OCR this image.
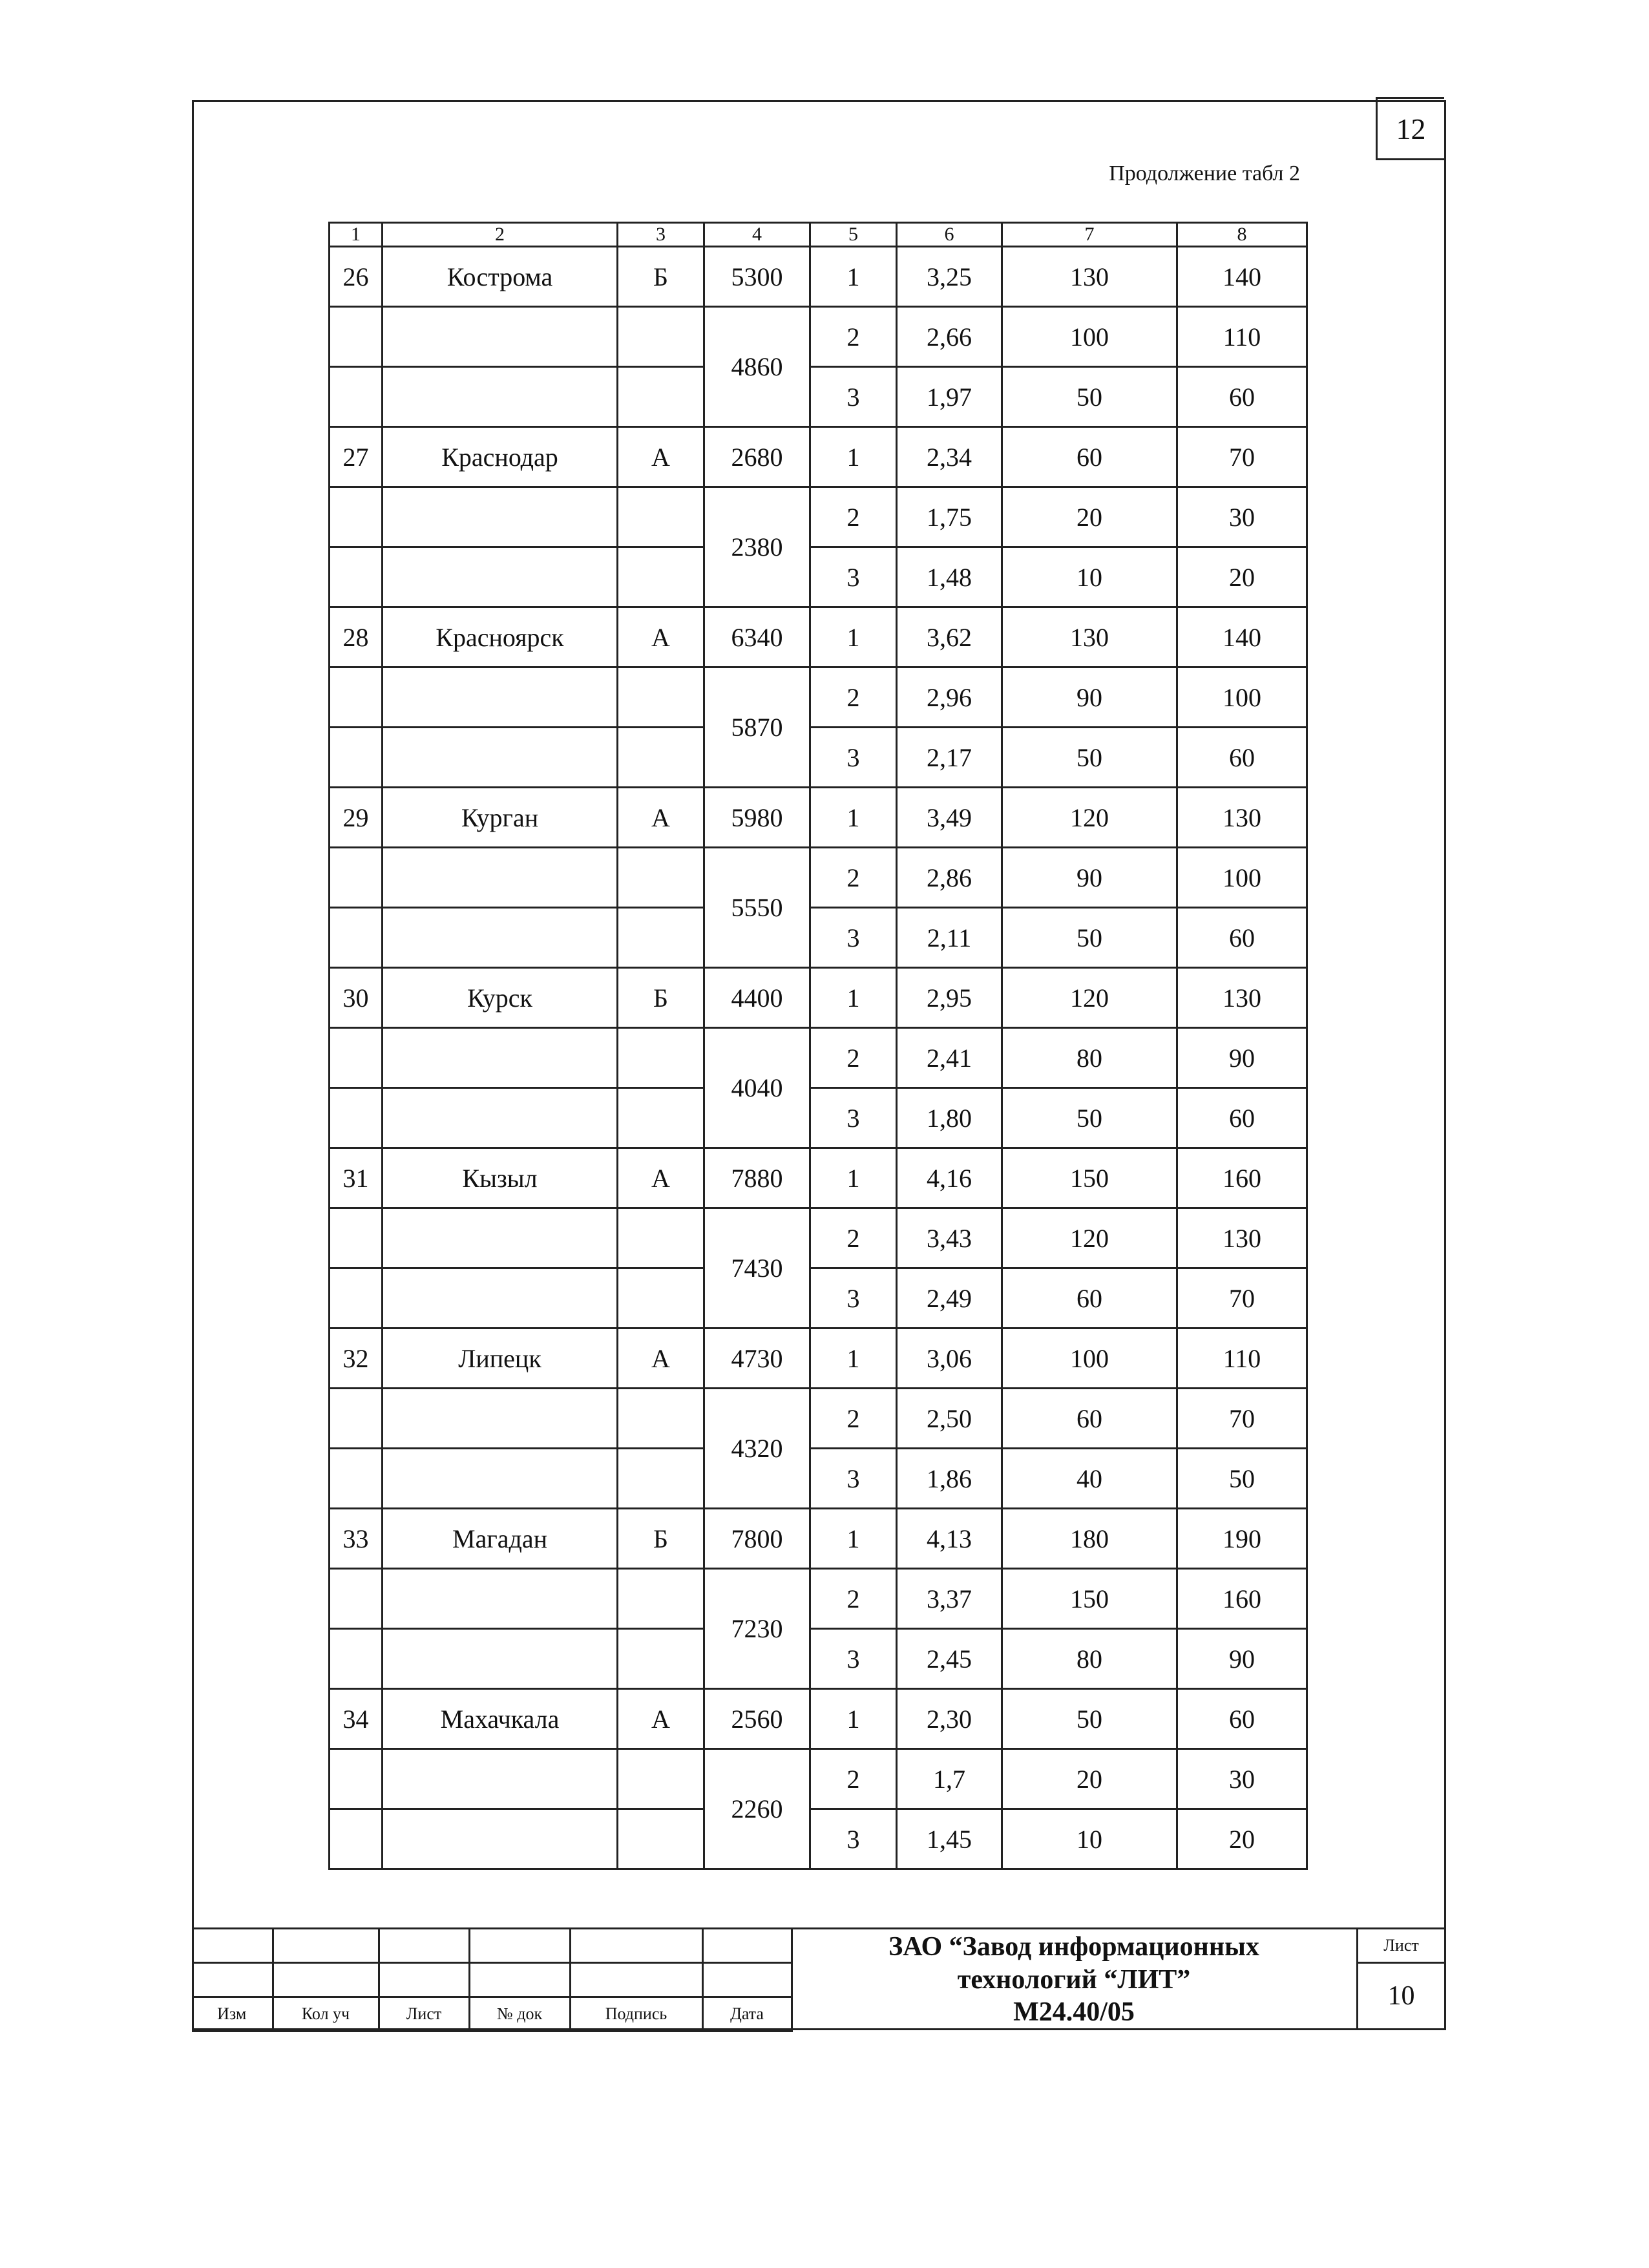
12
Продолжение табл 2
1	2	3	4	5	6	7	8
26	Кострома	Б	5300	1	3,25	130	140
			4860	2	2,66	100	110
				3	1,97	50	60
27	Краснодар	А	2680	1	2,34	60	70
			2380	2	1,75	20	30
				3	1,48	10	20
28	Красноярск	А	6340	1	3,62	130	140
			5870	2	2,96	90	100
				3	2,17	50	60
29	Курган	А	5980	1	3,49	120	130
			5550	2	2,86	90	100
				3	2,11	50	60
30	Курск	Б	4400	1	2,95	120	130
			4040	2	2,41	80	90
				3	1,80	50	60
31	Кызыл	А	7880	1	4,16	150	160
			7430	2	3,43	120	130
				3	2,49	60	70
32	Липецк	А	4730	1	3,06	100	110
			4320	2	2,50	60	70
				3	1,86	40	50
33	Магадан	Б	7800	1	4,13	180	190
			7230	2	3,37	150	160
				3	2,45	80	90
34	Махачкала	А	2560	1	2,30	50	60
			2260	2	1,7	20	30
				3	1,45	10	20

Изм	Кол уч	Лист	№ док	Подпись	Дата
ЗАО “Завод информационных
технологий “ЛИТ”
М24.40/05
Лист
10
